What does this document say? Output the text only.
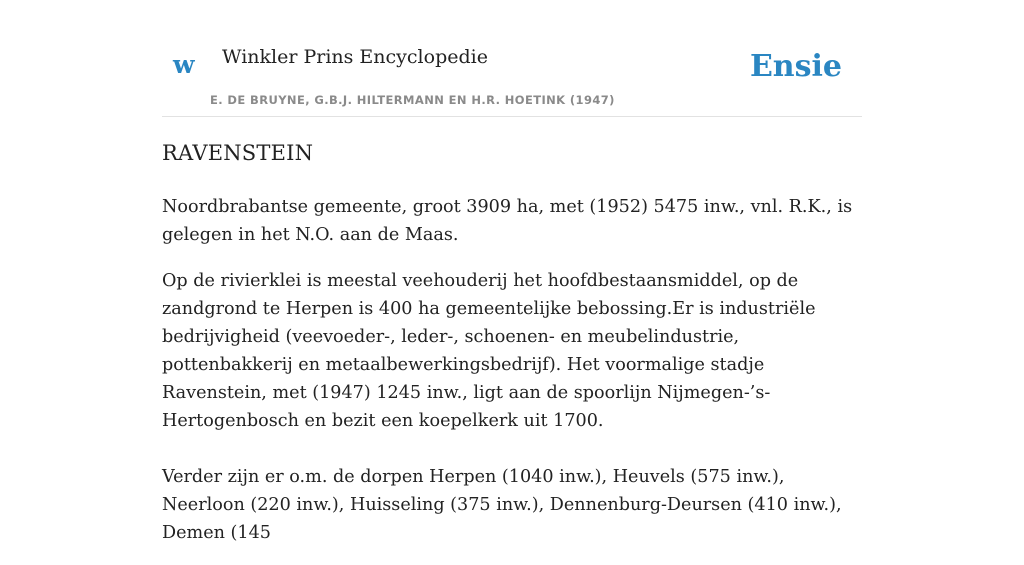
w Winkler Prins Encyclopedie
E. DE BRUYNE, G.B.J. HILTERMANN EN H.R. HOETINK (1947)
Ensie
RAVENSTEIN

Noordbrabantse gemeente, groot 3909 ha, met (1952) 5475 inw., vnl. R.K., is gelegen in het N.O. aan de Maas.

Op de rivierklei is meestal veehouderij het hoofdbestaansmiddel, op de zandgrond te Herpen is 400 ha gemeentelijke bebossing.Er is industriële bedrijvigheid (veevoeder-, leder-, schoenen- en meubelindustrie, pottenbakkerij en metaalbewerkingsbedrijf). Het voormalige stadje Ravenstein, met (1947) 1245 inw., ligt aan de spoorlijn Nijmegen-’s-Hertogenbosch en bezit een koepelkerk uit 1700.

Verder zijn er o.m. de dorpen Herpen (1040 inw.), Heuvels (575 inw.), Neerloon (220 inw.), Huisseling (375 inw.), Dennenburg-Deursen (410 inw.), Demen (145
